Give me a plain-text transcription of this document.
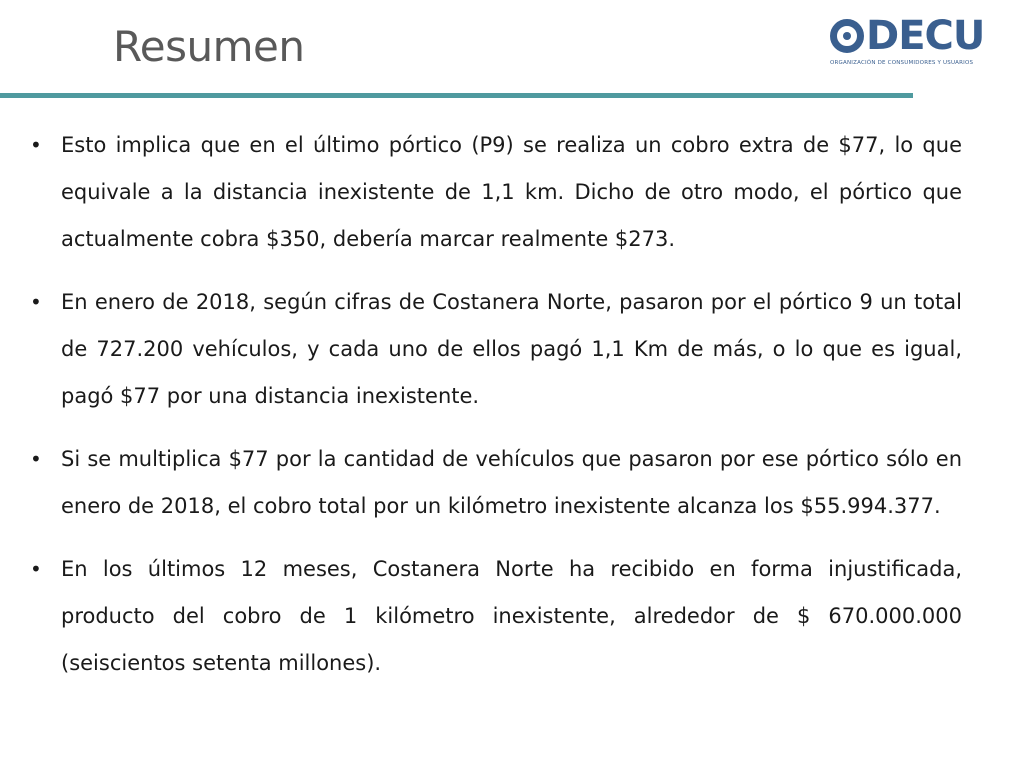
Resumen	DECU
ORGANIZACIÓN DE CONSUMIDORES Y USUARIOS
• Esto implica que en el último pórtico (P9) se realiza un cobro extra de $77, lo que equivale a la distancia inexistente de 1,1 km. Dicho de otro modo, el pórtico que actualmente cobra $350, debería marcar realmente $273.
• En enero de 2018, según cifras de Costanera Norte, pasaron por el pórtico 9 un total de 727.200 vehículos, y cada uno de ellos pagó 1,1 Km de más, o lo que es igual, pagó $77 por una distancia inexistente.
• Si se multiplica $77 por la cantidad de vehículos que pasaron por ese pórtico sólo en enero de 2018, el cobro total por un kilómetro inexistente alcanza los $55.994.377.
• En los últimos 12 meses, Costanera Norte ha recibido en forma injustificada, producto del cobro de 1 kilómetro inexistente, alrededor de $ 670.000.000 (seiscientos setenta millones).
